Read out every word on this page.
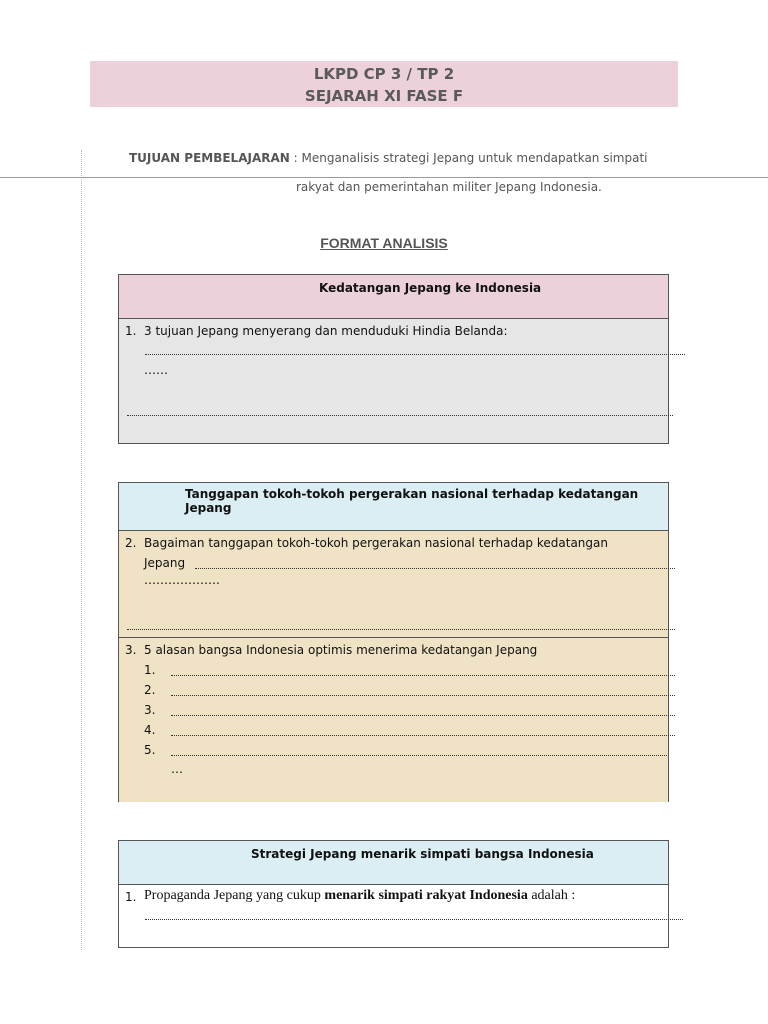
LKPD CP 3 / TP 2
SEJARAH XI FASE F
TUJUAN PEMBELAJARAN : Menganalisis strategi Jepang untuk mendapatkan simpati
rakyat dan pemerintahan militer Jepang Indonesia.
FORMAT ANALISIS
Kedatangan Jepang ke Indonesia
1. 3 tujuan Jepang menyerang dan menduduki Hindia Belanda:
……
Tanggapan tokoh-tokoh pergerakan nasional terhadap kedatangan Jepang
2. Bagaiman tanggapan tokoh-tokoh pergerakan nasional terhadap kedatangan
Jepang
……………….
3. 5 alasan bangsa Indonesia optimis menerima kedatangan Jepang
1.
2.
3.
4.
5.
…
Strategi Jepang menarik simpati bangsa Indonesia
1. Propaganda Jepang yang cukup menarik simpati rakyat Indonesia adalah :
